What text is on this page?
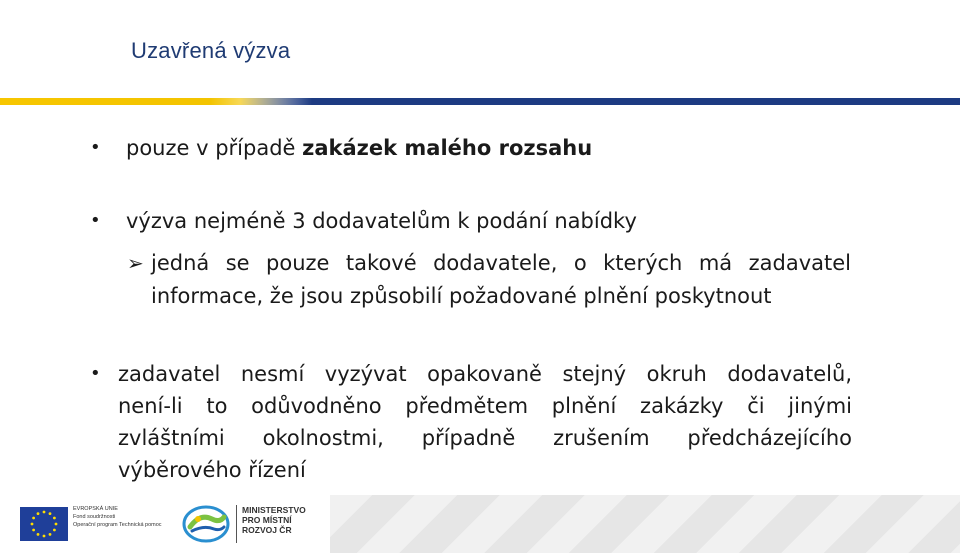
Uzavřená výzva
• pouze v případě zakázek malého rozsahu
• výzva nejméně 3 dodavatelům k podání nabídky
➢ jedná se pouze takové dodavatele, o kterých má zadavatel
informace, že jsou způsobilí požadované plnění poskytnout
• zadavatel nesmí vyzývat opakovaně stejný okruh dodavatelů,
není-li to odůvodněno předmětem plnění zakázky či jinými
zvláštními okolnostmi, případně zrušením předcházejícího
výběrového řízení
EVROPSKÁ UNIE
Fond soudržnosti
Operační program Technická pomoc
MINISTERSTVO
PRO MÍSTNÍ
ROZVOJ ČR
